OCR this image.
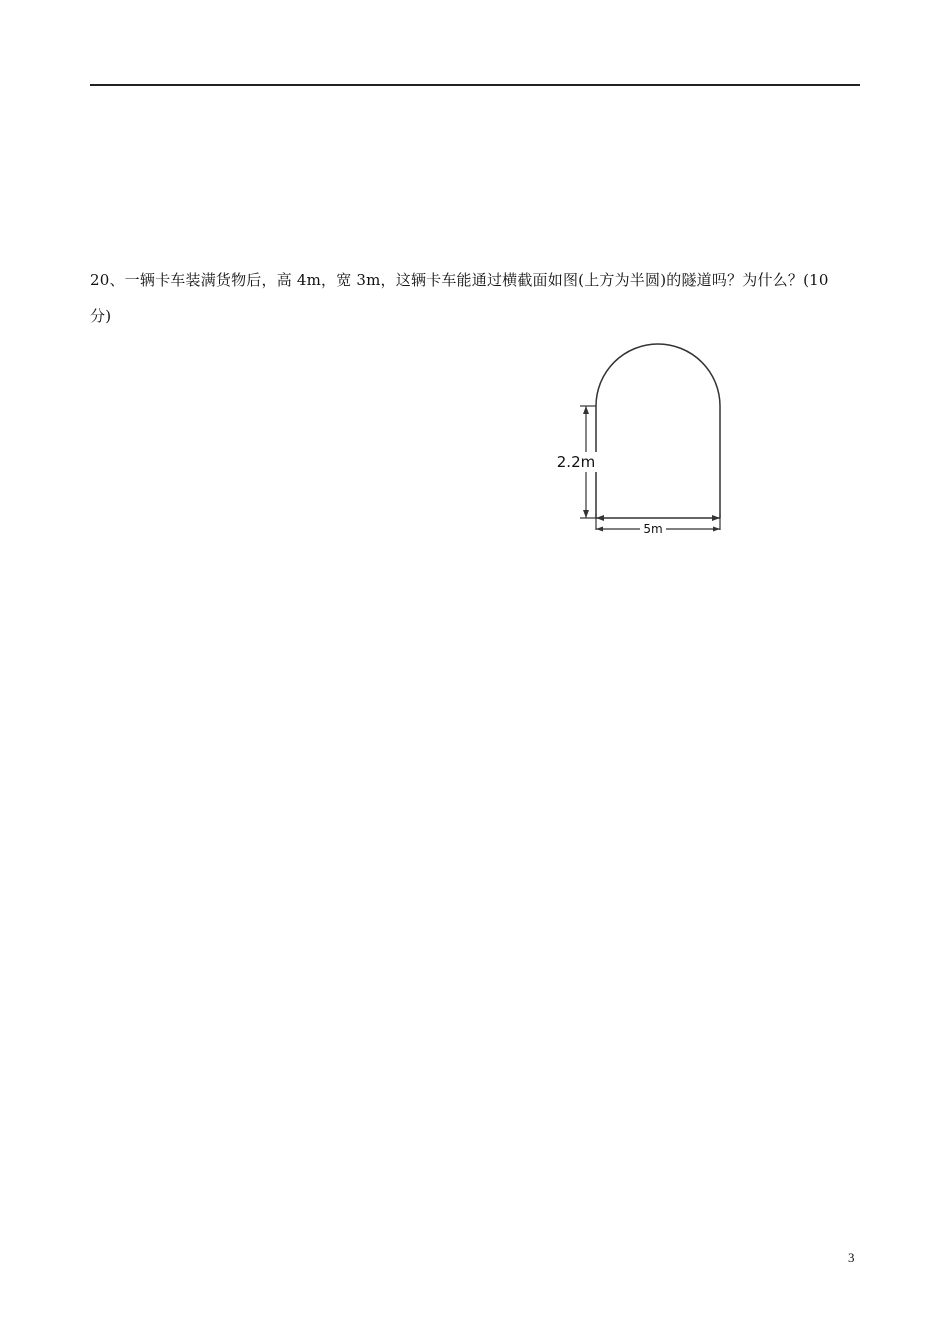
20、一辆卡车装满货物后，高 4m，宽 3m，这辆卡车能通过横截面如图(上方为半圆)的隧道吗？为什么？(10
分)
5m
2.2m
3
